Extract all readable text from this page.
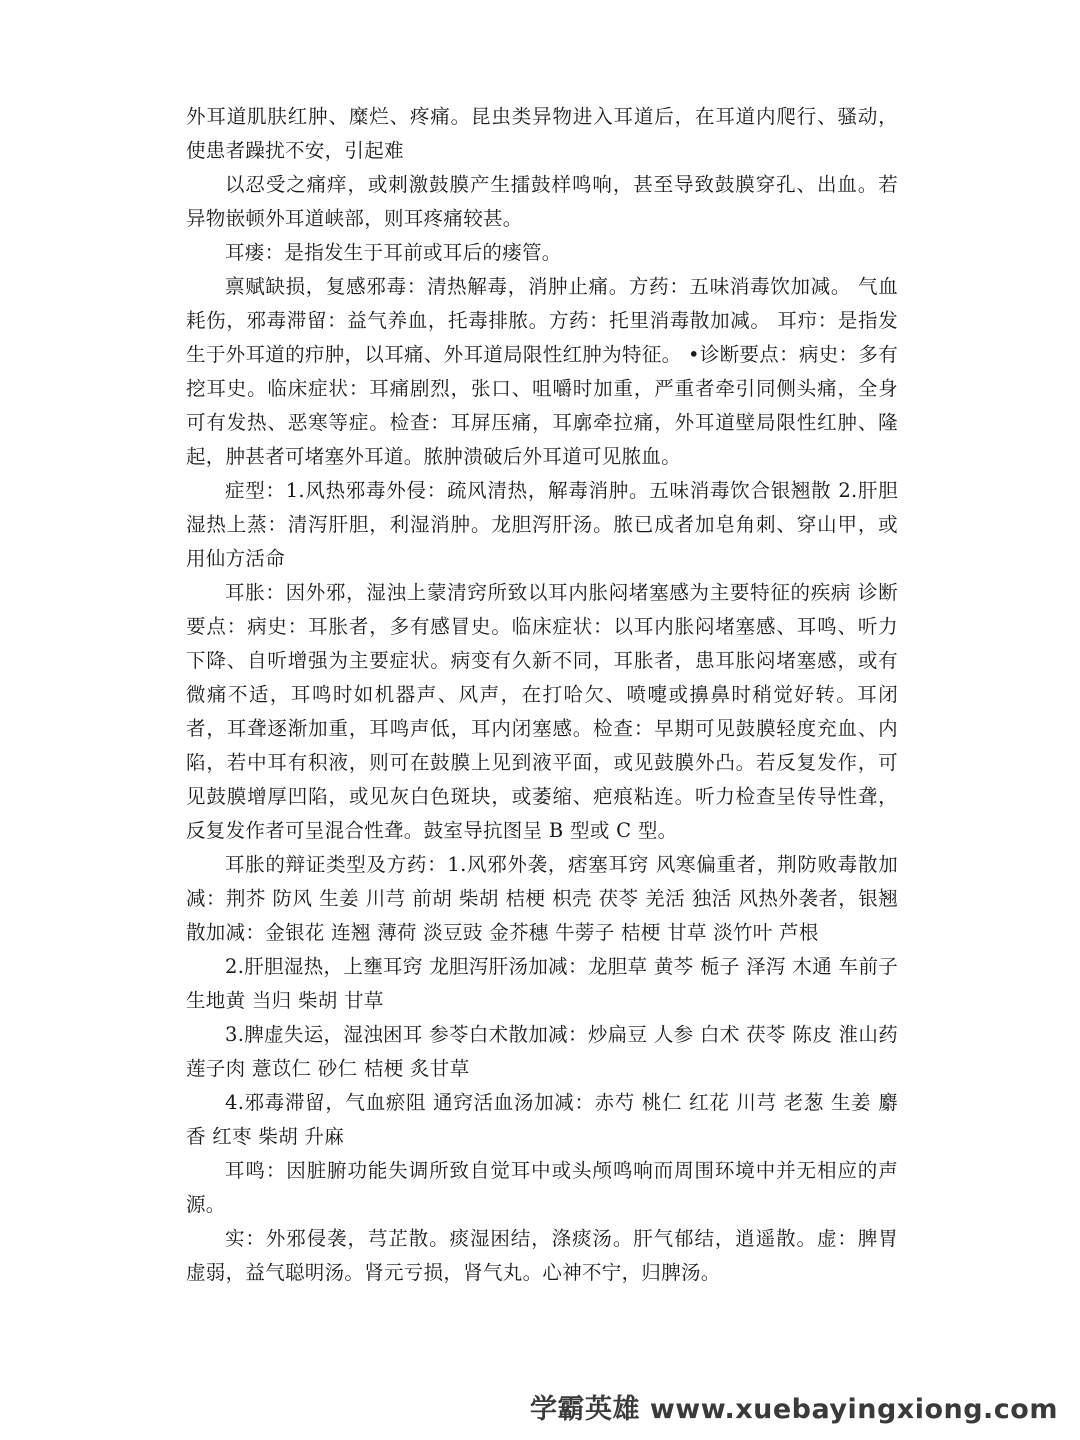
外耳道肌肤红肿、糜烂、疼痛。昆虫类异物进入耳道后，在耳道内爬行、骚动，使患者躁扰不安，引起难

以忍受之痛痒，或刺激鼓膜产生擂鼓样鸣响，甚至导致鼓膜穿孔、出血。若异物嵌顿外耳道峡部，则耳疼痛较甚。

耳瘘：是指发生于耳前或耳后的瘘管。

禀赋缺损，复感邪毒：清热解毒，消肿止痛。方药：五味消毒饮加减。 气血耗伤，邪毒滞留：益气养血，托毒排脓。方药：托里消毒散加减。 耳疖：是指发生于外耳道的疖肿，以耳痛、外耳道局限性红肿为特征。 •诊断要点：病史：多有挖耳史。临床症状：耳痛剧烈，张口、咀嚼时加重，严重者牵引同侧头痛，全身可有发热、恶寒等症。检查：耳屏压痛，耳廓牵拉痛，外耳道壁局限性红肿、隆起，肿甚者可堵塞外耳道。脓肿溃破后外耳道可见脓血。

症型：1.风热邪毒外侵：疏风清热，解毒消肿。五味消毒饮合银翘散 2.肝胆湿热上蒸：清泻肝胆，利湿消肿。龙胆泻肝汤。脓已成者加皂角刺、穿山甲，或用仙方活命

耳胀：因外邪，湿浊上蒙清窍所致以耳内胀闷堵塞感为主要特征的疾病 诊断要点：病史：耳胀者，多有感冒史。临床症状：以耳内胀闷堵塞感、耳鸣、听力下降、自听增强为主要症状。病变有久新不同，耳胀者，患耳胀闷堵塞感，或有微痛不适，耳鸣时如机器声、风声，在打哈欠、喷嚏或擤鼻时稍觉好转。耳闭者，耳聋逐渐加重，耳鸣声低，耳内闭塞感。检查：早期可见鼓膜轻度充血、内陷，若中耳有积液，则可在鼓膜上见到液平面，或见鼓膜外凸。若反复发作，可见鼓膜增厚凹陷，或见灰白色斑块，或萎缩、疤痕粘连。听力检查呈传导性聋，反复发作者可呈混合性聋。鼓室导抗图呈 B 型或 C 型。

耳胀的辩证类型及方药：1.风邪外袭，痞塞耳窍 风寒偏重者，荆防败毒散加减：荆芥 防风 生姜 川芎 前胡 柴胡 桔梗 枳壳 茯苓 羌活 独活 风热外袭者，银翘散加减：金银花 连翘 薄荷 淡豆豉 金芥穗 牛蒡子 桔梗 甘草 淡竹叶 芦根

2.肝胆湿热，上壅耳窍 龙胆泻肝汤加减：龙胆草 黄芩 栀子 泽泻 木通 车前子 生地黄 当归 柴胡 甘草

3.脾虚失运，湿浊困耳 参苓白术散加减：炒扁豆 人参 白术 茯苓 陈皮 淮山药 莲子肉 薏苡仁 砂仁 桔梗 炙甘草

4.邪毒滞留，气血瘀阻 通窍活血汤加减：赤芍 桃仁 红花 川芎 老葱 生姜 麝香 红枣 柴胡 升麻

耳鸣：因脏腑功能失调所致自觉耳中或头颅鸣响而周围环境中并无相应的声源。

实：外邪侵袭，芎芷散。痰湿困结，涤痰汤。肝气郁结，逍遥散。虚：脾胃虚弱，益气聪明汤。肾元亏损，肾气丸。心神不宁，归脾汤。

学霸英雄 www.xuebayingxiong.com
